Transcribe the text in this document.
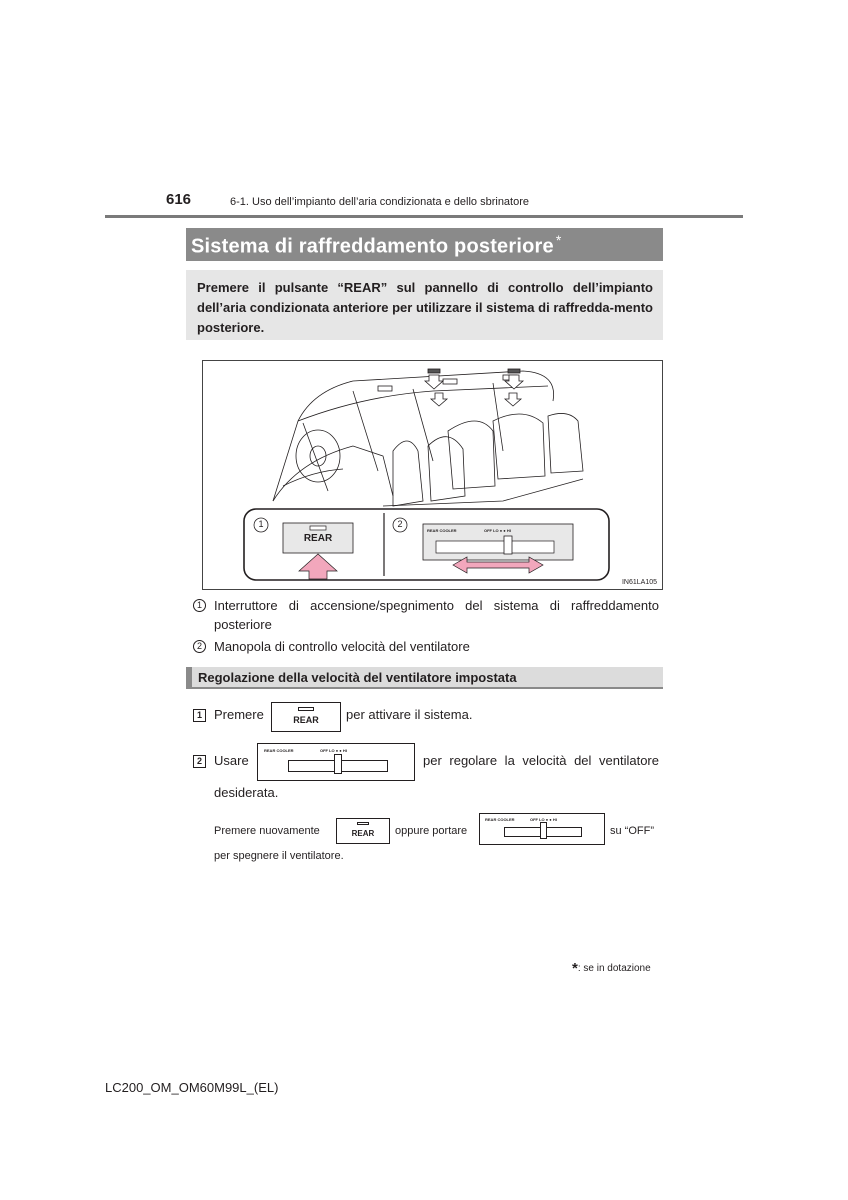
616	6-1. Uso dell’impianto dell’aria condizionata e dello sbrinatore
Sistema di raffreddamento posteriore *
Premere il pulsante “REAR” sul pannello di controllo dell’impianto dell’aria condizionata anteriore per utilizzare il sistema di raffredda-mento posteriore.
1	2
REAR
REAR COOLER	OFF LO ● ● HI
IN61LA105
1 Interruttore di accensione/spegnimento del sistema di raffreddamento posteriore
2 Manopola di controllo velocità del ventilatore
Regolazione della velocità del ventilatore impostata
1 Premere	REAR	per attivare il sistema.
2 Usare
REAR COOLER	OFF LO ● ● HI
per regolare la velocità del ventilatore
desiderata.
Premere nuovamente	REAR	oppure portare
REAR COOLER	OFF LO ● ● HI
su “OFF”
per spegnere il ventilatore.
*: se in dotazione
LC200_OM_OM60M99L_(EL)
